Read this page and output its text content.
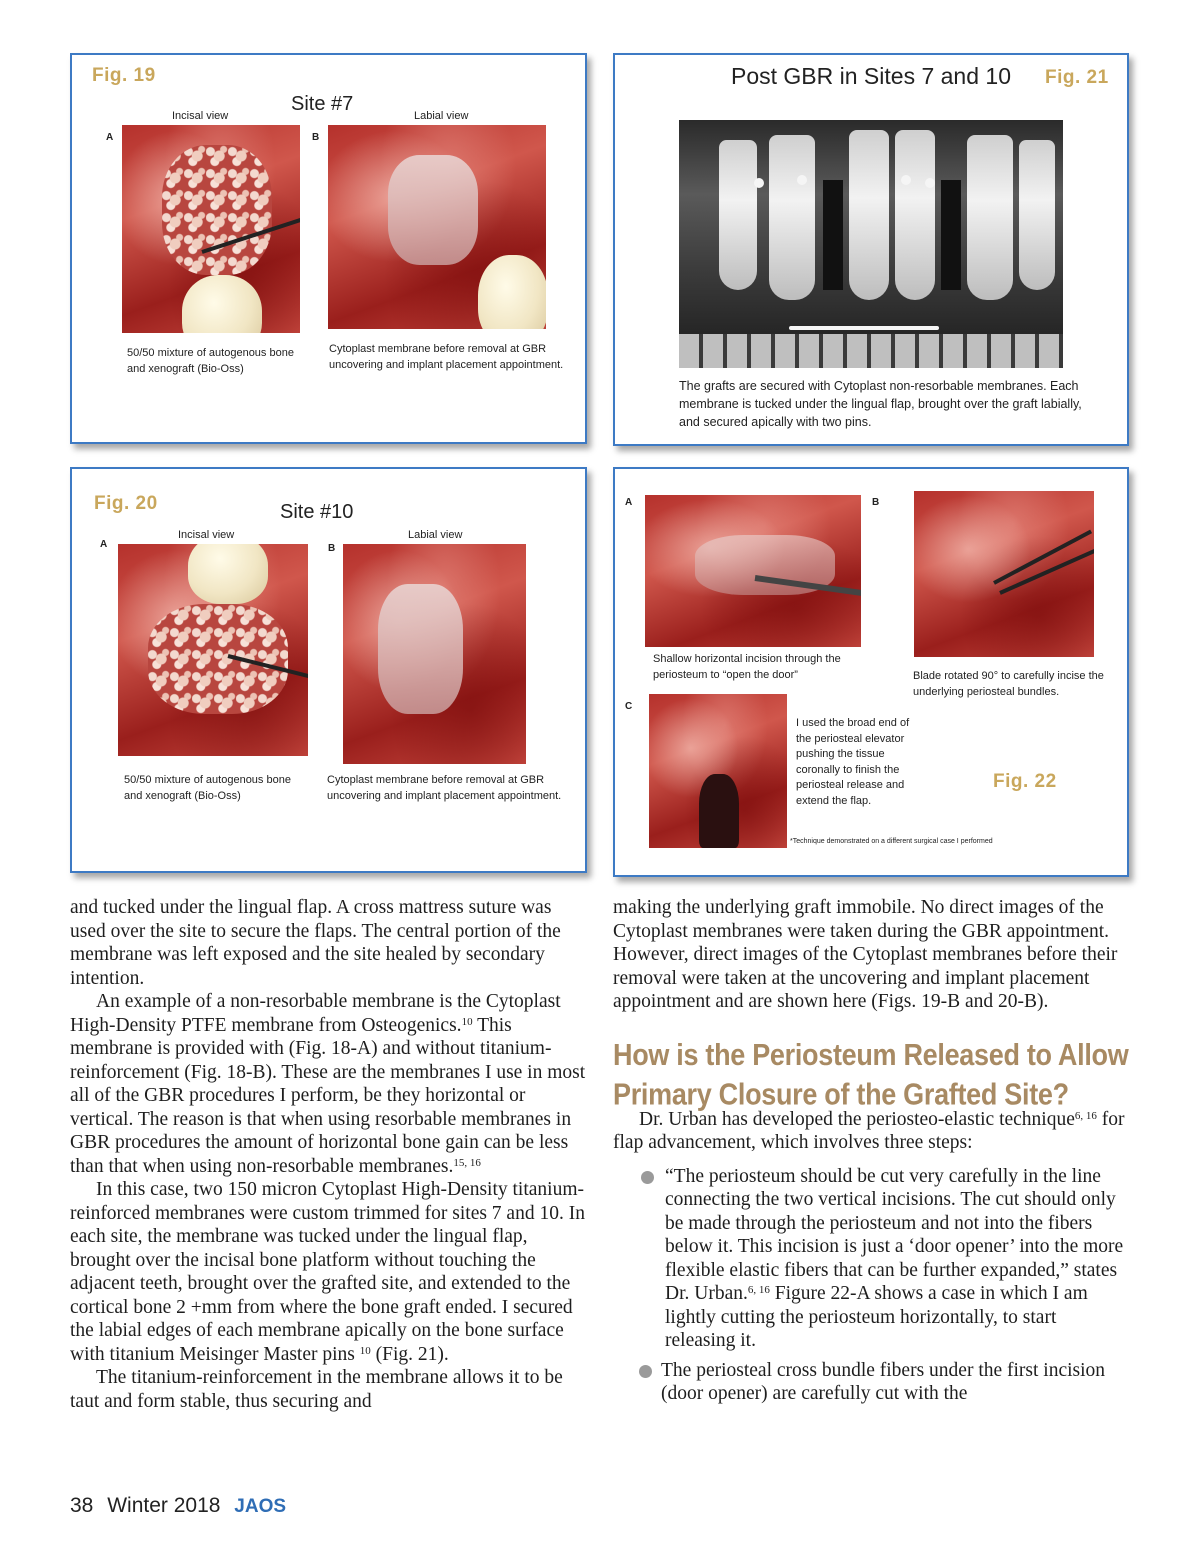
Fig. 19
Site #7
Incisal view	Labial view
A	B
50/50 mixture of autogenous bone and xenograft (Bio-Oss)
Cytoplast membrane before removal at GBR uncovering and implant placement appointment.
Post GBR in Sites 7 and 10 Fig. 21
The grafts are secured with Cytoplast non-resorbable membranes. Each membrane is tucked under the lingual flap, brought over the graft labially, and secured apically with two pins.
Fig. 20	Site #10
Incisal view	Labial view
A	B
50/50 mixture of autogenous bone and xenograft (Bio-Oss)
Cytoplast membrane before removal at GBR uncovering and implant placement appointment.
A	B
C
Shallow horizontal incision through the periosteum to “open the door”	Blade rotated 90° to carefully incise the underlying periosteal bundles.
I used the broad end of the periosteal elevator pushing the tissue coronally to finish the periosteal release and extend the flap.
Fig. 22
*Technique demonstrated on a different surgical case I performed

and tucked under the lingual flap. A cross mattress suture was used over the site to secure the flaps. The central portion of the membrane was left exposed and the site healed by secondary intention.

An example of a non-resorbable membrane is the Cytoplast High-Density PTFE membrane from Osteogenics.$^{10}$ This membrane is provided with (Fig. 18-A) and without titanium-reinforcement (Fig. 18-B). These are the membranes I use in most all of the GBR procedures I perform, be they horizontal or vertical. The reason is that when using resorbable membranes in GBR procedures the amount of horizontal bone gain can be less than that when using non-resorbable membranes.$^{15, 16}$

In this case, two 150 micron Cytoplast High-Density titanium-reinforced membranes were custom trimmed for sites 7 and 10. In each site, the membrane was tucked under the lingual flap, brought over the incisal bone platform without touching the adjacent teeth, brought over the grafted site, and extended to the cortical bone 2 +mm from where the bone graft ended. I secured the labial edges of each membrane apically on the bone surface with titanium Meisinger Master pins $^{10}$ (Fig. 21).

The titanium-reinforcement in the membrane allows it to be taut and form stable, thus securing and

making the underlying graft immobile. No direct images of the Cytoplast membranes were taken during the GBR appointment. However, direct images of the Cytoplast membranes before their removal were taken at the uncovering and implant placement appointment and are shown here (Figs. 19-B and 20-B).

How is the Periosteum Released to Allow Primary Closure of the Grafted Site?

Dr. Urban has developed the periosteo-elastic technique$^{6, 16}$ for flap advancement, which involves three steps:

“The periosteum should be cut very carefully in the line connecting the two vertical incisions. The cut should only be made through the periosteum and not into the fibers below it. This incision is just a ‘door opener’ into the more flexible elastic fibers that can be further expanded,” states Dr. Urban.$^{6, 16}$ Figure 22-A shows a case in which I am lightly cutting the periosteum horizontally, to start releasing it.
The periosteal cross bundle fibers under the first incision (door opener) are carefully cut with the
38 Winter 2018 JAOS
